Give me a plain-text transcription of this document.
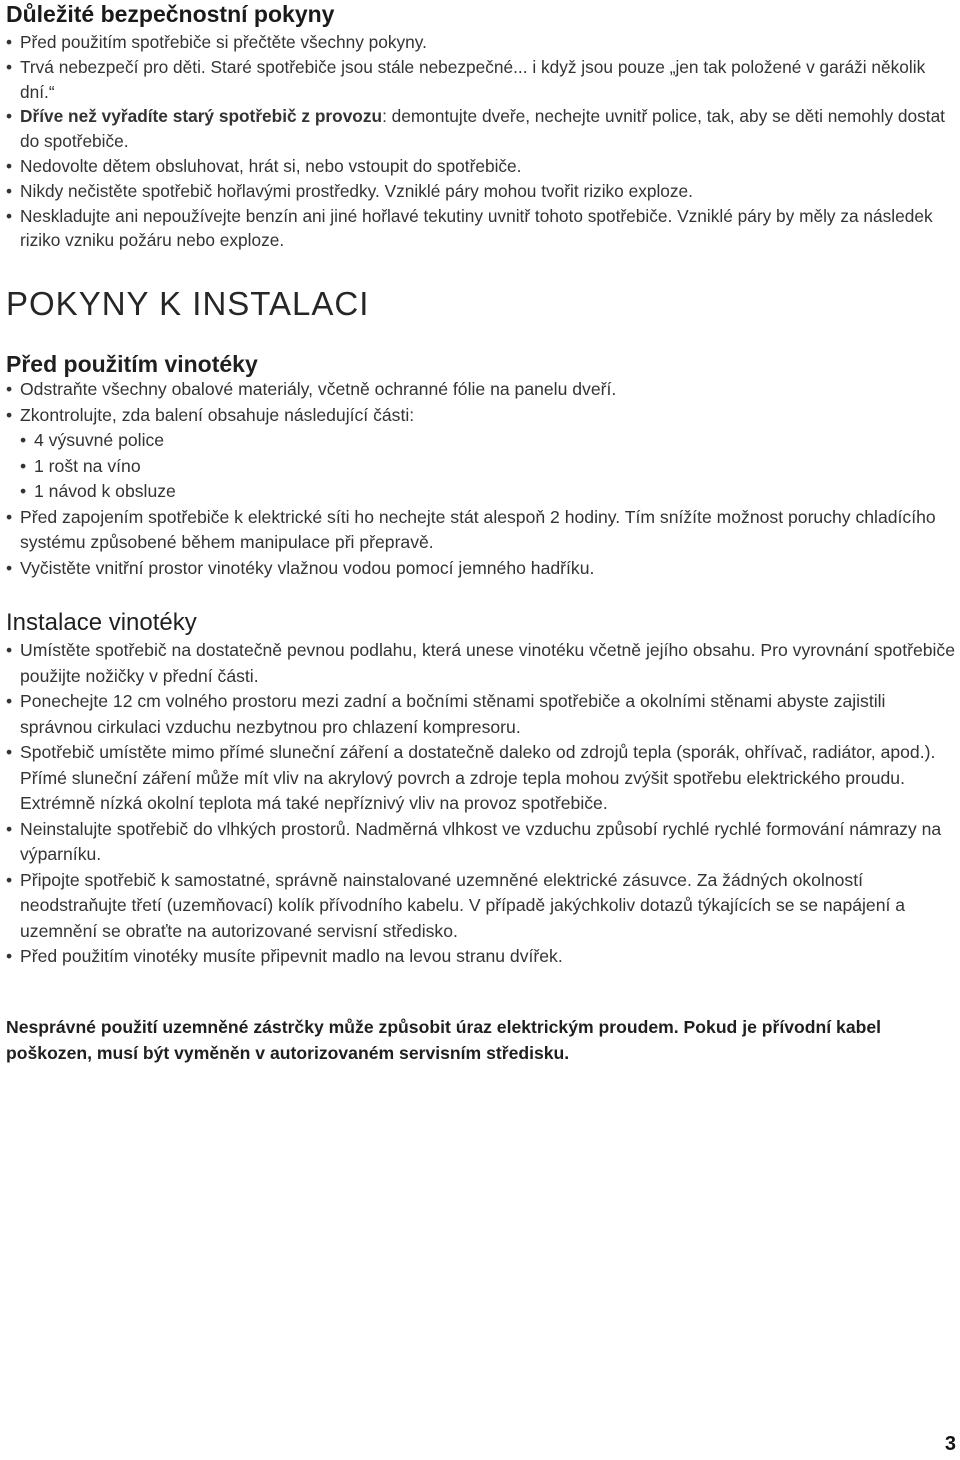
Důležité bezpečnostní pokyny
• Před použitím spotřebiče si přečtěte všechny pokyny.
• Trvá nebezpečí pro děti. Staré spotřebiče jsou stále nebezpečné... i když jsou pouze „jen tak položené v garáži několik dní.“
• Dříve než vyřadíte starý spotřebič z provozu: demontujte dveře, nechejte uvnitř police, tak, aby se děti nemohly dostat do spotřebiče.
• Nedovolte dětem obsluhovat, hrát si, nebo vstoupit do spotřebiče.
• Nikdy nečistěte spotřebič hořlavými prostředky. Vzniklé páry mohou tvořit riziko exploze.
• Neskladujte ani nepoužívejte benzín ani jiné hořlavé tekutiny uvnitř tohoto spotřebiče. Vzniklé páry by měly za následek riziko vzniku požáru nebo exploze.
POKYNY K INSTALACI
Před použitím vinotéky
• Odstraňte všechny obalové materiály, včetně ochranné fólie na panelu dveří.
• Zkontrolujte, zda balení obsahuje následující části:
• 4 výsuvné police
• 1 rošt na víno
• 1 návod k obsluze
• Před zapojením spotřebiče k elektrické síti ho nechejte stát alespoň 2 hodiny. Tím snížíte možnost poruchy chladícího systému způsobené během manipulace při přepravě.
• Vyčistěte vnitřní prostor vinotéky vlažnou vodou pomocí jemného hadříku.
Instalace vinotéky
• Umístěte spotřebič na dostatečně pevnou podlahu, která unese vinotéku včetně jejího obsahu. Pro vyrovnání spotřebiče použijte nožičky v přední části.
• Ponechejte 12 cm volného prostoru mezi zadní a bočními stěnami spotřebiče a okolními stěnami abyste zajistili správnou cirkulaci vzduchu nezbytnou pro chlazení kompresoru.
• Spotřebič umístěte mimo přímé sluneční záření a dostatečně daleko od zdrojů tepla (sporák, ohřívač, radiátor, apod.). Přímé sluneční záření může mít vliv na akrylový povrch a zdroje tepla mohou zvýšit spotřebu elektrického proudu. Extrémně nízká okolní teplota má také nepříznivý vliv na provoz spotřebiče.
• Neinstalujte spotřebič do vlhkých prostorů. Nadměrná vlhkost ve vzduchu způsobí rychlé rychlé formování námrazy na výparníku.
• Připojte spotřebič k samostatné, správně nainstalované uzemněné elektrické zásuvce. Za žádných okolností neodstraňujte třetí (uzemňovací) kolík přívodního kabelu. V případě jakýchkoliv dotazů týkajících se se napájení a uzemnění se obraťte na autorizované servisní středisko.
• Před použitím vinotéky musíte připevnit madlo na levou stranu dvířek.

Nesprávné použití uzemněné zástrčky může způsobit úraz elektrickým proudem. Pokud je přívodní kabel poškozen, musí být vyměněn v autorizovaném servisním středisku.

3
